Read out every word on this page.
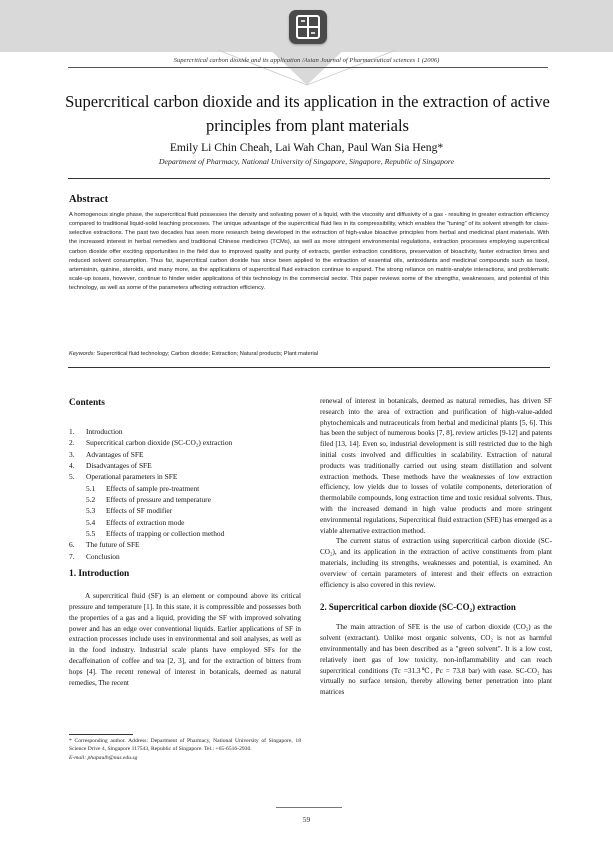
Supercritical carbon dioxide and its application /Asian Journal of Pharmaceutical sciences 1 (2006)
Supercritical carbon dioxide and its application in the extraction of active principles from plant materials
Emily Li Chin Cheah, Lai Wah Chan, Paul Wan Sia Heng*
Department of Pharmacy, National University of Singapore, Singapore, Republic of Singapore
Abstract
A homogenous single phase, the supercritical fluid possesses the density and solvating power of a liquid, with the viscosity and diffusivity of a gas - resulting in greater extraction efficiency compared to traditional liquid-solid leaching processes. The unique advantage of the supercritical fluid lies in its compressibility, which enables the "tuning" of its solvent strength for class-selective extractions. The past two decades has seen more research being developed in the extraction of high-value bioactive principles from herbal and medicinal plant materials. With the increased interest in herbal remedies and traditional Chinese medicines (TCMs), as well as more stringent environmental regulations, extraction processes employing supercritical carbon dioxide offer exciting opportunities in the field due to improved quality and purity of extracts, gentler extraction conditions, preservation of bioactivity, faster extraction times and reduced solvent consumption. Thus far, supercritical carbon dioxide has since been applied to the extraction of essential oils, antioxidants and medicinal compounds such as taxol, artemisinin, quinine, steroids, and many more, as the applications of supercritical fluid extraction continue to expand. The strong reliance on matrix-analyte interactions, and problematic scale-up issues, however, continue to hinder wider applications of this technology in the commercial sector. This paper reviews some of the strengths, weaknesses, and potential of this technology, as well as some of the parameters affecting extraction efficiency.
Keywords: Supercritical fluid technology; Carbon dioxide; Extraction; Natural products; Plant material
Contents
1.	Introduction
2.	Supercritical carbon dioxide (SC-CO₂) extraction
3.	Advantages of SFE
4.	Disadvantages of SFE
5.	Operational parameters in SFE
5.1	Effects of sample pre-treatment
5.2	Effects of pressure and temperature
5.3	Effects of SF modifier
5.4	Effects of extraction mode
5.5	Effects of trapping or collection method
6.	The future of SFE
7.	Conclusion
1. Introduction

A supercritical fluid (SF) is an element or compound above its critical pressure and temperature [1]. In this state, it is compressible and possesses both the properties of a gas and a liquid, providing the SF with improved solvating power and has an edge over conventional liquids. Earlier applications of SF in extraction processes include uses in environmental and soil analyses, as well as in the food industry. Industrial scale plants have employed SFs for the decaffeination of coffee and tea [2, 3], and for the extraction of bitters from hops [4]. The recent renewal of interest in botanicals, deemed as natural remedies, The recent

renewal of interest in botanicals, deemed as natural remedies, has driven SF research into the area of extraction and purification of high-value-added phytochemicals and nutraceuticals from herbal and medicinal plants [5, 6]. This has been the subject of numerous books [7, 8], review articles [9-12] and patents filed [13, 14]. Even so, industrial development is still restricted due to the high initial costs involved and difficulties in scalability. Extraction of natural products was traditionally carried out using steam distillation and solvent extraction methods. These methods have the weaknesses of low extraction efficiency, low yields due to losses of volatile components, deterioration of thermolabile compounds, long extraction time and toxic residual solvents. Thus, with the increased demand in high value products and more stringent environmental regulations, Supercritical fluid extraction (SFE) has emerged as a viable alternative extraction method.

The current status of extraction using supercritical carbon dioxide (SC-CO₂), and its application in the extraction of active constituents from plant materials, including its strengths, weaknesses and potential, is examined. An overview of certain parameters of interest and their effects on extraction efficiency is also covered in this review.

2. Supercritical carbon dioxide (SC-CO₂) extraction

The main attraction of SFE is the use of carbon dioxide (CO₂) as the solvent (extractant). Unlike most organic solvents, CO₂ is not as harmful environmentally and has been described as a "green solvent". It is a low cost, relatively inert gas of low toxicity, non-inflammability and can reach supercritical conditions (Tc =31.3℃, Pc = 73.8 bar) with ease. SC-CO₂ has virtually no surface tension, thereby allowing better penetration into plant matrices

* Corresponding author. Address: Department of Pharmacy, National University of Singapore, 18 Science Drive 4, Singapore 117543, Republic of Singapore. Tel.: +65-6516-2930.

E-mail: phapaulh@nus.edu.sg

59
